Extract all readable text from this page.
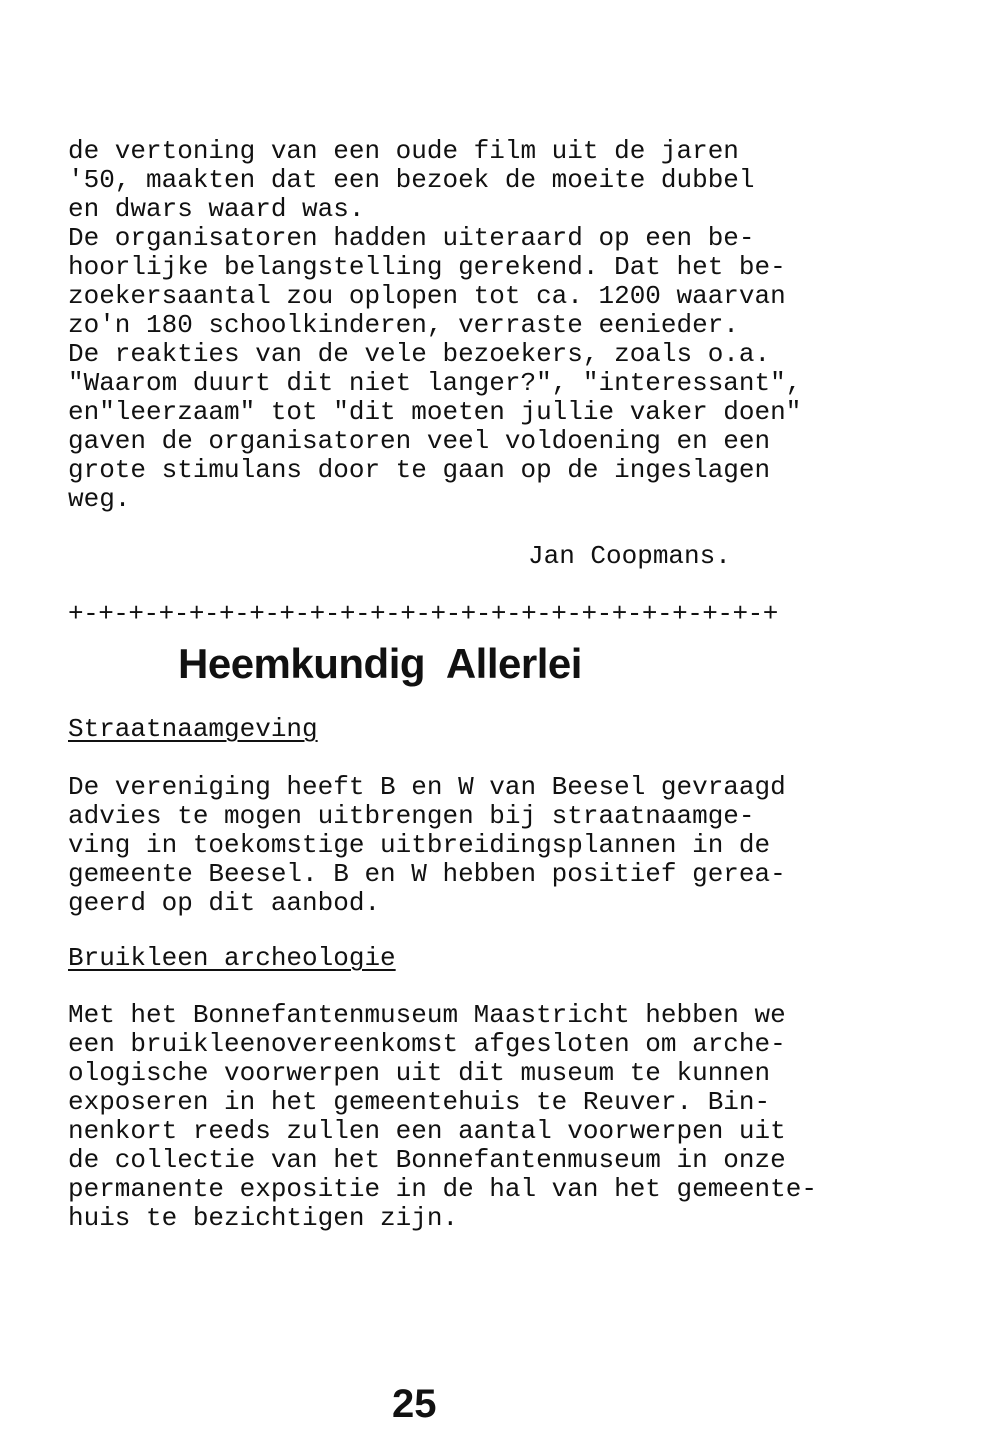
de vertoning van een oude film uit de jaren

'50, maakten dat een bezoek de moeite dubbel

en dwars waard was.

De organisatoren hadden uiteraard op een be-

hoorlijke belangstelling gerekend. Dat het be-

zoekersaantal zou oplopen tot ca. 1200 waarvan

zo'n 180 schoolkinderen, verraste eenieder.

De reakties van de vele bezoekers, zoals o.a.

"Waarom duurt dit niet langer?", "interessant",

en"leerzaam" tot "dit moeten jullie vaker doen"

gaven de organisatoren veel voldoening en een

grote stimulans door te gaan op de ingeslagen

weg.

Jan Coopmans.
+-+-+-+-+-+-+-+-+-+-+-+-+-+-+-+-+-+-+-+-+-+-+-+
Heemkundig  Allerlei
Straatnaamgeving

De vereniging heeft B en W van Beesel gevraagd

advies te mogen uitbrengen bij straatnaamge-

ving in toekomstige uitbreidingsplannen in de

gemeente Beesel. B en W hebben positief gerea-

geerd op dit aanbod.

Bruikleen archeologie

Met het Bonnefantenmuseum Maastricht hebben we

een bruikleenovereenkomst afgesloten om arche-

ologische voorwerpen uit dit museum te kunnen

exposeren in het gemeentehuis te Reuver. Bin-

nenkort reeds zullen een aantal voorwerpen uit

de collectie van het Bonnefantenmuseum in onze

permanente expositie in de hal van het gemeente-

huis te bezichtigen zijn.

25
